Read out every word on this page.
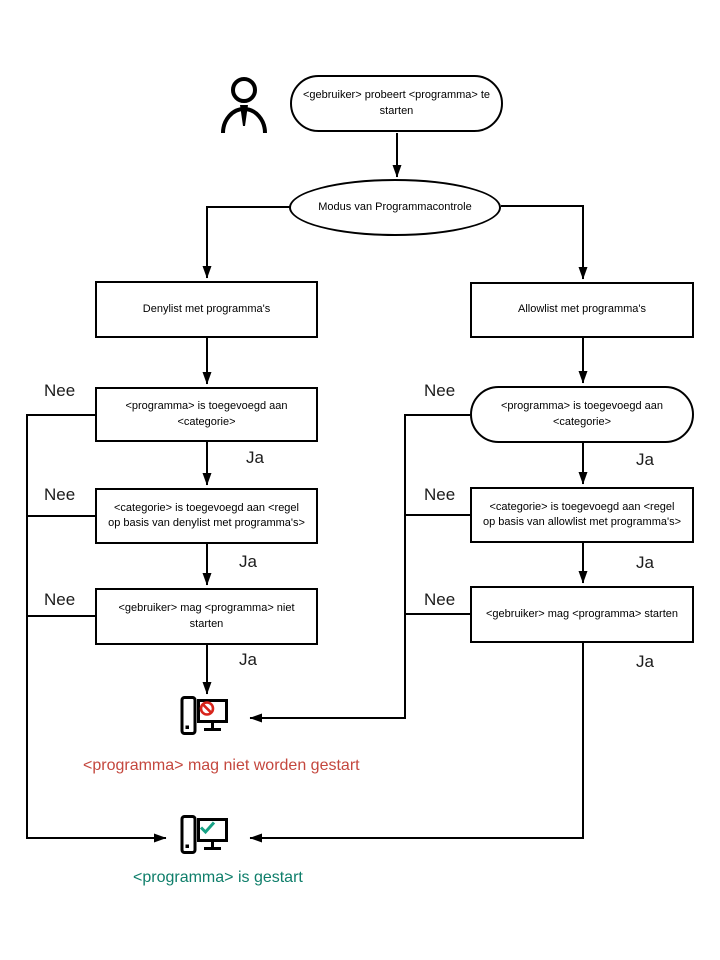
<gebruiker> probeert <programma> te starten
Modus van Programmacontrole
Denylist met programma's	Allowlist met programma's
<programma> is toegevoegd aan <categorie>
<programma> is toegevoegd aan <categorie>
<categorie> is toegevoegd aan <regel op basis van denylist met programma's>
<categorie> is toegevoegd aan <regel op basis van allowlist met programma's>
<gebruiker> mag <programma> niet starten
<gebruiker> mag <programma> starten
Nee
Nee
Nee
Nee
Nee
Nee
Ja
Ja
Ja
Ja
Ja
Ja
<programma> mag niet worden gestart
<programma> is gestart
